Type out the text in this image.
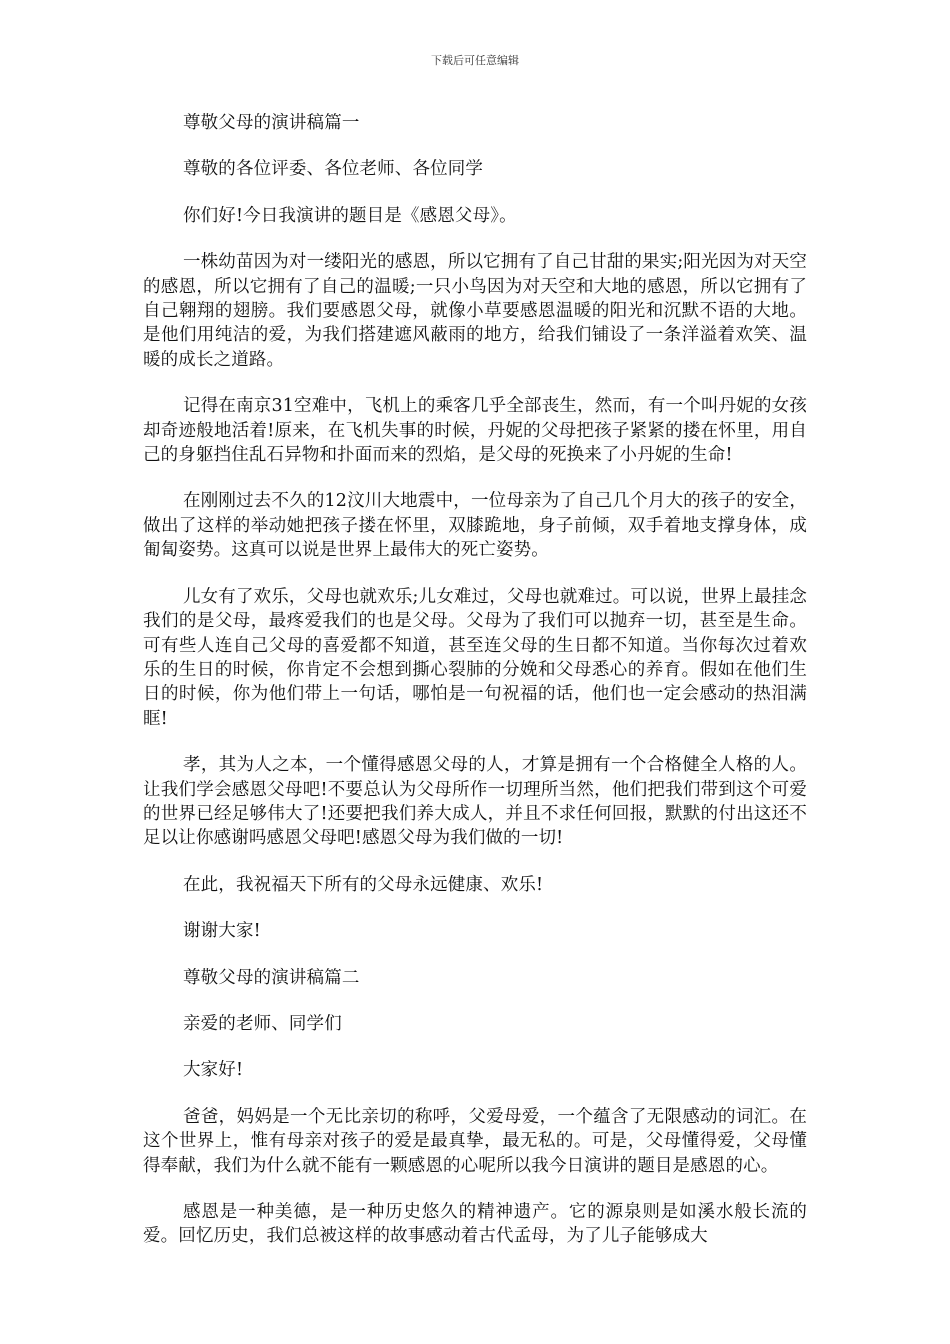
下载后可任意编辑

尊敬父母的演讲稿篇一

尊敬的各位评委、各位老师、各位同学

你们好!今日我演讲的题目是《感恩父母》。

一株幼苗因为对一缕阳光的感恩，所以它拥有了自己甘甜的果实;阳光因为对天空的感恩，所以它拥有了自己的温暖;一只小鸟因为对天空和大地的感恩，所以它拥有了自己翱翔的翅膀。我们要感恩父母，就像小草要感恩温暖的阳光和沉默不语的大地。是他们用纯洁的爱，为我们搭建遮风蔽雨的地方，给我们铺设了一条洋溢着欢笑、温暖的成长之道路。

记得在南京31空难中，飞机上的乘客几乎全部丧生，然而，有一个叫丹妮的女孩却奇迹般地活着!原来，在飞机失事的时候，丹妮的父母把孩子紧紧的搂在怀里，用自己的身躯挡住乱石异物和扑面而来的烈焰，是父母的死换来了小丹妮的生命!

在刚刚过去不久的12汶川大地震中，一位母亲为了自己几个月大的孩子的安全，做出了这样的举动她把孩子搂在怀里，双膝跪地，身子前倾，双手着地支撑身体，成匍匐姿势。这真可以说是世界上最伟大的死亡姿势。

儿女有了欢乐，父母也就欢乐;儿女难过，父母也就难过。可以说，世界上最挂念我们的是父母，最疼爱我们的也是父母。父母为了我们可以抛弃一切，甚至是生命。可有些人连自己父母的喜爱都不知道，甚至连父母的生日都不知道。当你每次过着欢乐的生日的时候，你肯定不会想到撕心裂肺的分娩和父母悉心的养育。假如在他们生日的时候，你为他们带上一句话，哪怕是一句祝福的话，他们也一定会感动的热泪满眶!

孝，其为人之本，一个懂得感恩父母的人，才算是拥有一个合格健全人格的人。让我们学会感恩父母吧!不要总认为父母所作一切理所当然，他们把我们带到这个可爱的世界已经足够伟大了!还要把我们养大成人，并且不求任何回报，默默的付出这还不足以让你感谢吗感恩父母吧!感恩父母为我们做的一切!

在此，我祝福天下所有的父母永远健康、欢乐!

谢谢大家!

尊敬父母的演讲稿篇二

亲爱的老师、同学们

大家好!

爸爸，妈妈是一个无比亲切的称呼，父爱母爱，一个蕴含了无限感动的词汇。在这个世界上，惟有母亲对孩子的爱是最真挚，最无私的。可是，父母懂得爱，父母懂得奉献，我们为什么就不能有一颗感恩的心呢所以我今日演讲的题目是感恩的心。

感恩是一种美德，是一种历史悠久的精神遗产。它的源泉则是如溪水般长流的爱。回忆历史，我们总被这样的故事感动着古代孟母，为了儿子能够成大
